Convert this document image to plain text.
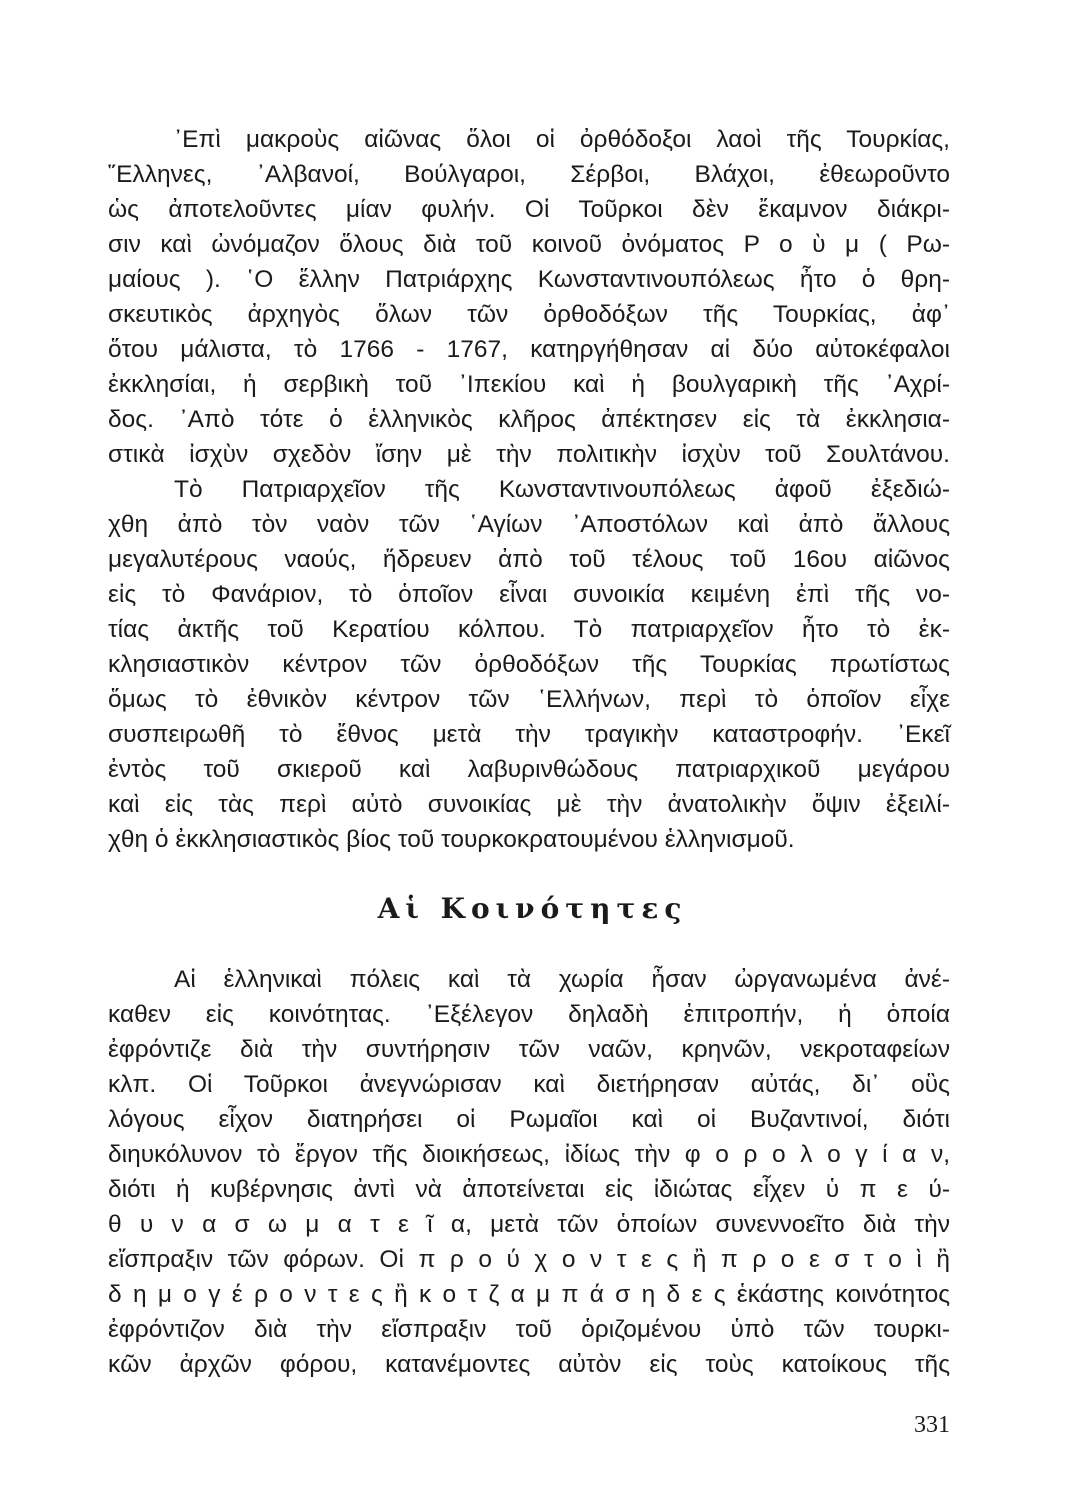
᾿Επὶ μακροὺς αἰῶνας ὅλοι οἱ ὀρθόδοξοι λαοὶ τῆς Τουρκίας,
῞Ελληνες, ᾿Αλβανοί, Βούλγαροι, Σέρβοι, Βλάχοι, ἐθεωροῦντο
ὡς ἀποτελοῦντες μίαν φυλήν. Οἱ Τοῦρκοι δὲν ἔκαμνον διάκρι-
σιν καὶ ὠνόμαζον ὅλους διὰ τοῦ κοινοῦ ὀνόματος Ρ ο ὺ μ ( Ρω-
μαίους ). ῾Ο ἕλλην Πατριάρχης Κωνσταντινουπόλεως ἦτο ὁ θρη-
σκευτικὸς ἀρχηγὸς ὅλων τῶν ὀρθοδόξων τῆς Τουρκίας, ἀφ᾿
ὅτου μάλιστα, τὸ 1766 - 1767, κατηργήθησαν αἱ δύο αὐτοκέφαλοι
ἐκκλησίαι, ἡ σερβικὴ τοῦ ᾿Ιπεκίου καὶ ἡ βουλγαρικὴ τῆς ᾿Αχρί-
δος. ᾿Απὸ τότε ὁ ἑλληνικὸς κλῆρος ἀπέκτησεν εἰς τὰ ἐκκλησια-
στικὰ ἰσχὺν σχεδὸν ἴσην μὲ τὴν πολιτικὴν ἰσχὺν τοῦ Σουλτάνου.
Τὸ Πατριαρχεῖον τῆς Κωνσταντινουπόλεως ἀφοῦ ἐξεδιώ-
χθη ἀπὸ τὸν ναὸν τῶν ῾Αγίων ᾿Αποστόλων καὶ ἀπὸ ἄλλους
μεγαλυτέρους ναούς, ἥδρευεν ἀπὸ τοῦ τέλους τοῦ 16ου αἰῶνος
εἰς τὸ Φανάριον, τὸ ὁποῖον εἶναι συνοικία κειμένη ἐπὶ τῆς νο-
τίας ἀκτῆς τοῦ Κερατίου κόλπου. Τὸ πατριαρχεῖον ἦτο τὸ ἐκ-
κλησιαστικὸν κέντρον τῶν ὀρθοδόξων τῆς Τουρκίας πρωτίστως
ὅμως τὸ ἐθνικὸν κέντρον τῶν ῾Ελλήνων, περὶ τὸ ὁποῖον εἶχε
συσπειρωθῆ τὸ ἔθνος μετὰ τὴν τραγικὴν καταστροφήν. ᾿Εκεῖ
ἐντὸς τοῦ σκιεροῦ καὶ λαβυρινθώδους πατριαρχικοῦ μεγάρου
καὶ εἰς τὰς περὶ αὐτὸ συνοικίας μὲ τὴν ἀνατολικὴν ὄψιν ἐξειλί-
χθη ὁ ἐκκλησιαστικὸς βίος τοῦ τουρκοκρατουμένου ἑλληνισμοῦ.
Αἱ Κοινότητες
Αἱ ἑλληνικαὶ πόλεις καὶ τὰ χωρία ἦσαν ὠργανωμένα ἀνέ-
καθεν εἰς κοινότητας. ᾿Εξέλεγον δηλαδὴ ἐπιτροπήν, ἡ ὁποία
ἐφρόντιζε διὰ τὴν συντήρησιν τῶν ναῶν, κρηνῶν, νεκροταφείων
κλπ. Οἱ Τοῦρκοι ἀνεγνώρισαν καὶ διετήρησαν αὐτάς, δι᾿ οὓς
λόγους εἶχον διατηρήσει οἱ Ρωμαῖοι καὶ οἱ Βυζαντινοί, διότι
διηυκόλυνον τὸ ἔργον τῆς διοικήσεως, ἰδίως τὴν φ ο ρ ο λ ο γ ί α ν,
διότι ἡ κυβέρνησις ἀντὶ νὰ ἀποτείνεται εἰς ἰδιώτας εἶχεν ὑ π ε ύ-
θ υ ν α σ ω μ α τ ε ῖ α, μετὰ τῶν ὁποίων συνεννοεῖτο διὰ τὴν
εἴσπραξιν τῶν φόρων. Οἱ π ρ ο ύ χ ο ν τ ε ς ἢ π ρ ο ε σ τ ο ὶ ἢ
δ η μ ο γ έ ρ ο ν τ ε ς ἢ κ ο τ ζ α μ π ά σ η δ ε ς ἑκάστης κοινότητος
ἐφρόντιζον διὰ τὴν εἴσπραξιν τοῦ ὁριζομένου ὑπὸ τῶν τουρκι-
κῶν ἀρχῶν φόρου, κατανέμοντες αὐτὸν εἰς τοὺς κατοίκους τῆς
331
